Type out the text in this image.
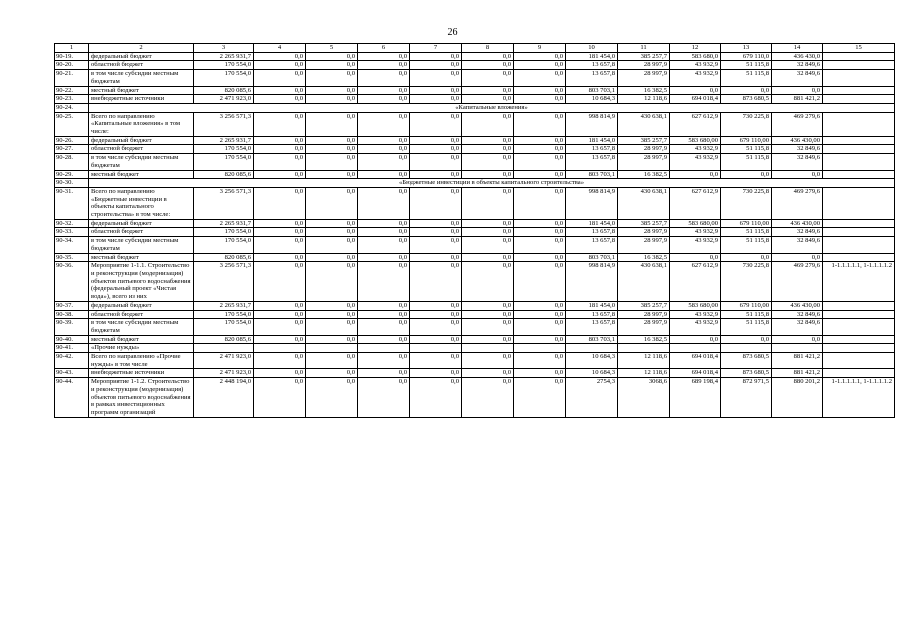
26
1	2	3	4	5	6	7	8	9	10	11	12	13	14	15
90-19.	федеральный бюджет	2 265 931,7	0,0	0,0	0,0	0,0	0,0	0,0	181 454,0	385 257,7	583 680,0	679 110,0	436 430,0	
90-20.	областной бюджет	170 554,0	0,0	0,0	0,0	0,0	0,0	0,0	13 657,8	28 997,9	43 932,9	51 115,8	32 849,6	
90-21.	в том числе субсидии местным бюджетам	170 554,0	0,0	0,0	0,0	0,0	0,0	0,0	13 657,8	28 997,9	43 932,9	51 115,8	32 849,6	
90-22.	местный бюджет	820 085,6	0,0	0,0	0,0	0,0	0,0	0,0	803 703,1	16 382,5	0,0	0,0	0,0	
90-23.	внебюджетные источники	2 471 923,0	0,0	0,0	0,0	0,0	0,0	0,0	10 684,3	12 118,6	694 018,4	873 680,5	881 421,2	
90-24.	«Капитальные вложения»													
90-25.	Всего по направлению «Капитальные вложения» в том числе:	3 256 571,3	0,0	0,0	0,0	0,0	0,0	0,0	998 814,9	430 638,1	627 612,9	730 225,8	469 279,6	
90-26.	федеральный бюджет	2 265 931,7	0,0	0,0	0,0	0,0	0,0	0,0	181 454,0	385 257,7	583 680,00	679 110,00	436 430,00	
90-27.	областной бюджет	170 554,0	0,0	0,0	0,0	0,0	0,0	0,0	13 657,8	28 997,9	43 932,9	51 115,8	32 849,6	
90-28.	в том числе субсидии местным бюджетам	170 554,0	0,0	0,0	0,0	0,0	0,0	0,0	13 657,8	28 997,9	43 932,9	51 115,8	32 849,6	
90-29.	местный бюджет	820 085,6	0,0	0,0	0,0	0,0	0,0	0,0	803 703,1	16 382,5	0,0	0,0	0,0	
90-30.	«Бюджетные инвестиции в объекты капитального строительства»													
90-31.	Всего по направлению «Бюджетные инвестиции в объекты капитального строительства» в том числе:	3 256 571,3	0,0	0,0	0,0	0,0	0,0	0,0	998 814,9	430 638,1	627 612,9	730 225,8	469 279,6	
90-32.	федеральный бюджет	2 265 931,7	0,0	0,0	0,0	0,0	0,0	0,0	181 454,0	385 257,7	583 680,00	679 110,00	436 430,00	
90-33.	областной бюджет	170 554,0	0,0	0,0	0,0	0,0	0,0	0,0	13 657,8	28 997,9	43 932,9	51 115,8	32 849,6	
90-34.	в том числе субсидии местным бюджетам	170 554,0	0,0	0,0	0,0	0,0	0,0	0,0	13 657,8	28 997,9	43 932,9	51 115,8	32 849,6	
90-35.	местный бюджет	820 085,6	0,0	0,0	0,0	0,0	0,0	0,0	803 703,1	16 382,5	0,0	0,0	0,0	
90-36.	Мероприятие 1-1.1. Строительство и реконструкция (модернизация) объектов питьевого водоснабжения (федеральный проект «Чистая вода»), всего из них	3 256 571,3	0,0	0,0	0,0	0,0	0,0	0,0	998 814,9	430 638,1	627 612,9	730 225,8	469 279,6	1-1.1.1.1.1, 1-1.1.1.1.2
90-37.	федеральный бюджет	2 265 931,7	0,0	0,0	0,0	0,0	0,0	0,0	181 454,0	385 257,7	583 680,00	679 110,00	436 430,00	
90-38.	областной бюджет	170 554,0	0,0	0,0	0,0	0,0	0,0	0,0	13 657,8	28 997,9	43 932,9	51 115,8	32 849,6	
90-39.	в том числе субсидии местным бюджетам	170 554,0	0,0	0,0	0,0	0,0	0,0	0,0	13 657,8	28 997,9	43 932,9	51 115,8	32 849,6	
90-40.	местный бюджет	820 085,6	0,0	0,0	0,0	0,0	0,0	0,0	803 703,1	16 382,5	0,0	0,0	0,0	
90-41.	«Прочие нужды»													
90-42.	Всего по направлению «Прочие нужды» в том числе	2 471 923,0	0,0	0,0	0,0	0,0	0,0	0,0	10 684,3	12 118,6	694 018,4	873 680,5	881 421,2	
90-43.	внебюджетные источники	2 471 923,0	0,0	0,0	0,0	0,0	0,0	0,0	10 684,3	12 118,6	694 018,4	873 680,5	881 421,2	
90-44.	Мероприятие 1-1.2. Строительство и реконструкция (модернизация) объектов питьевого водоснабжения в рамках инвестиционных программ организаций	2 448 194,0	0,0	0,0	0,0	0,0	0,0	0,0	2754,3	3068,6	689 198,4	872 971,5	880 201,2	1-1.1.1.1.1, 1-1.1.1.1.2
